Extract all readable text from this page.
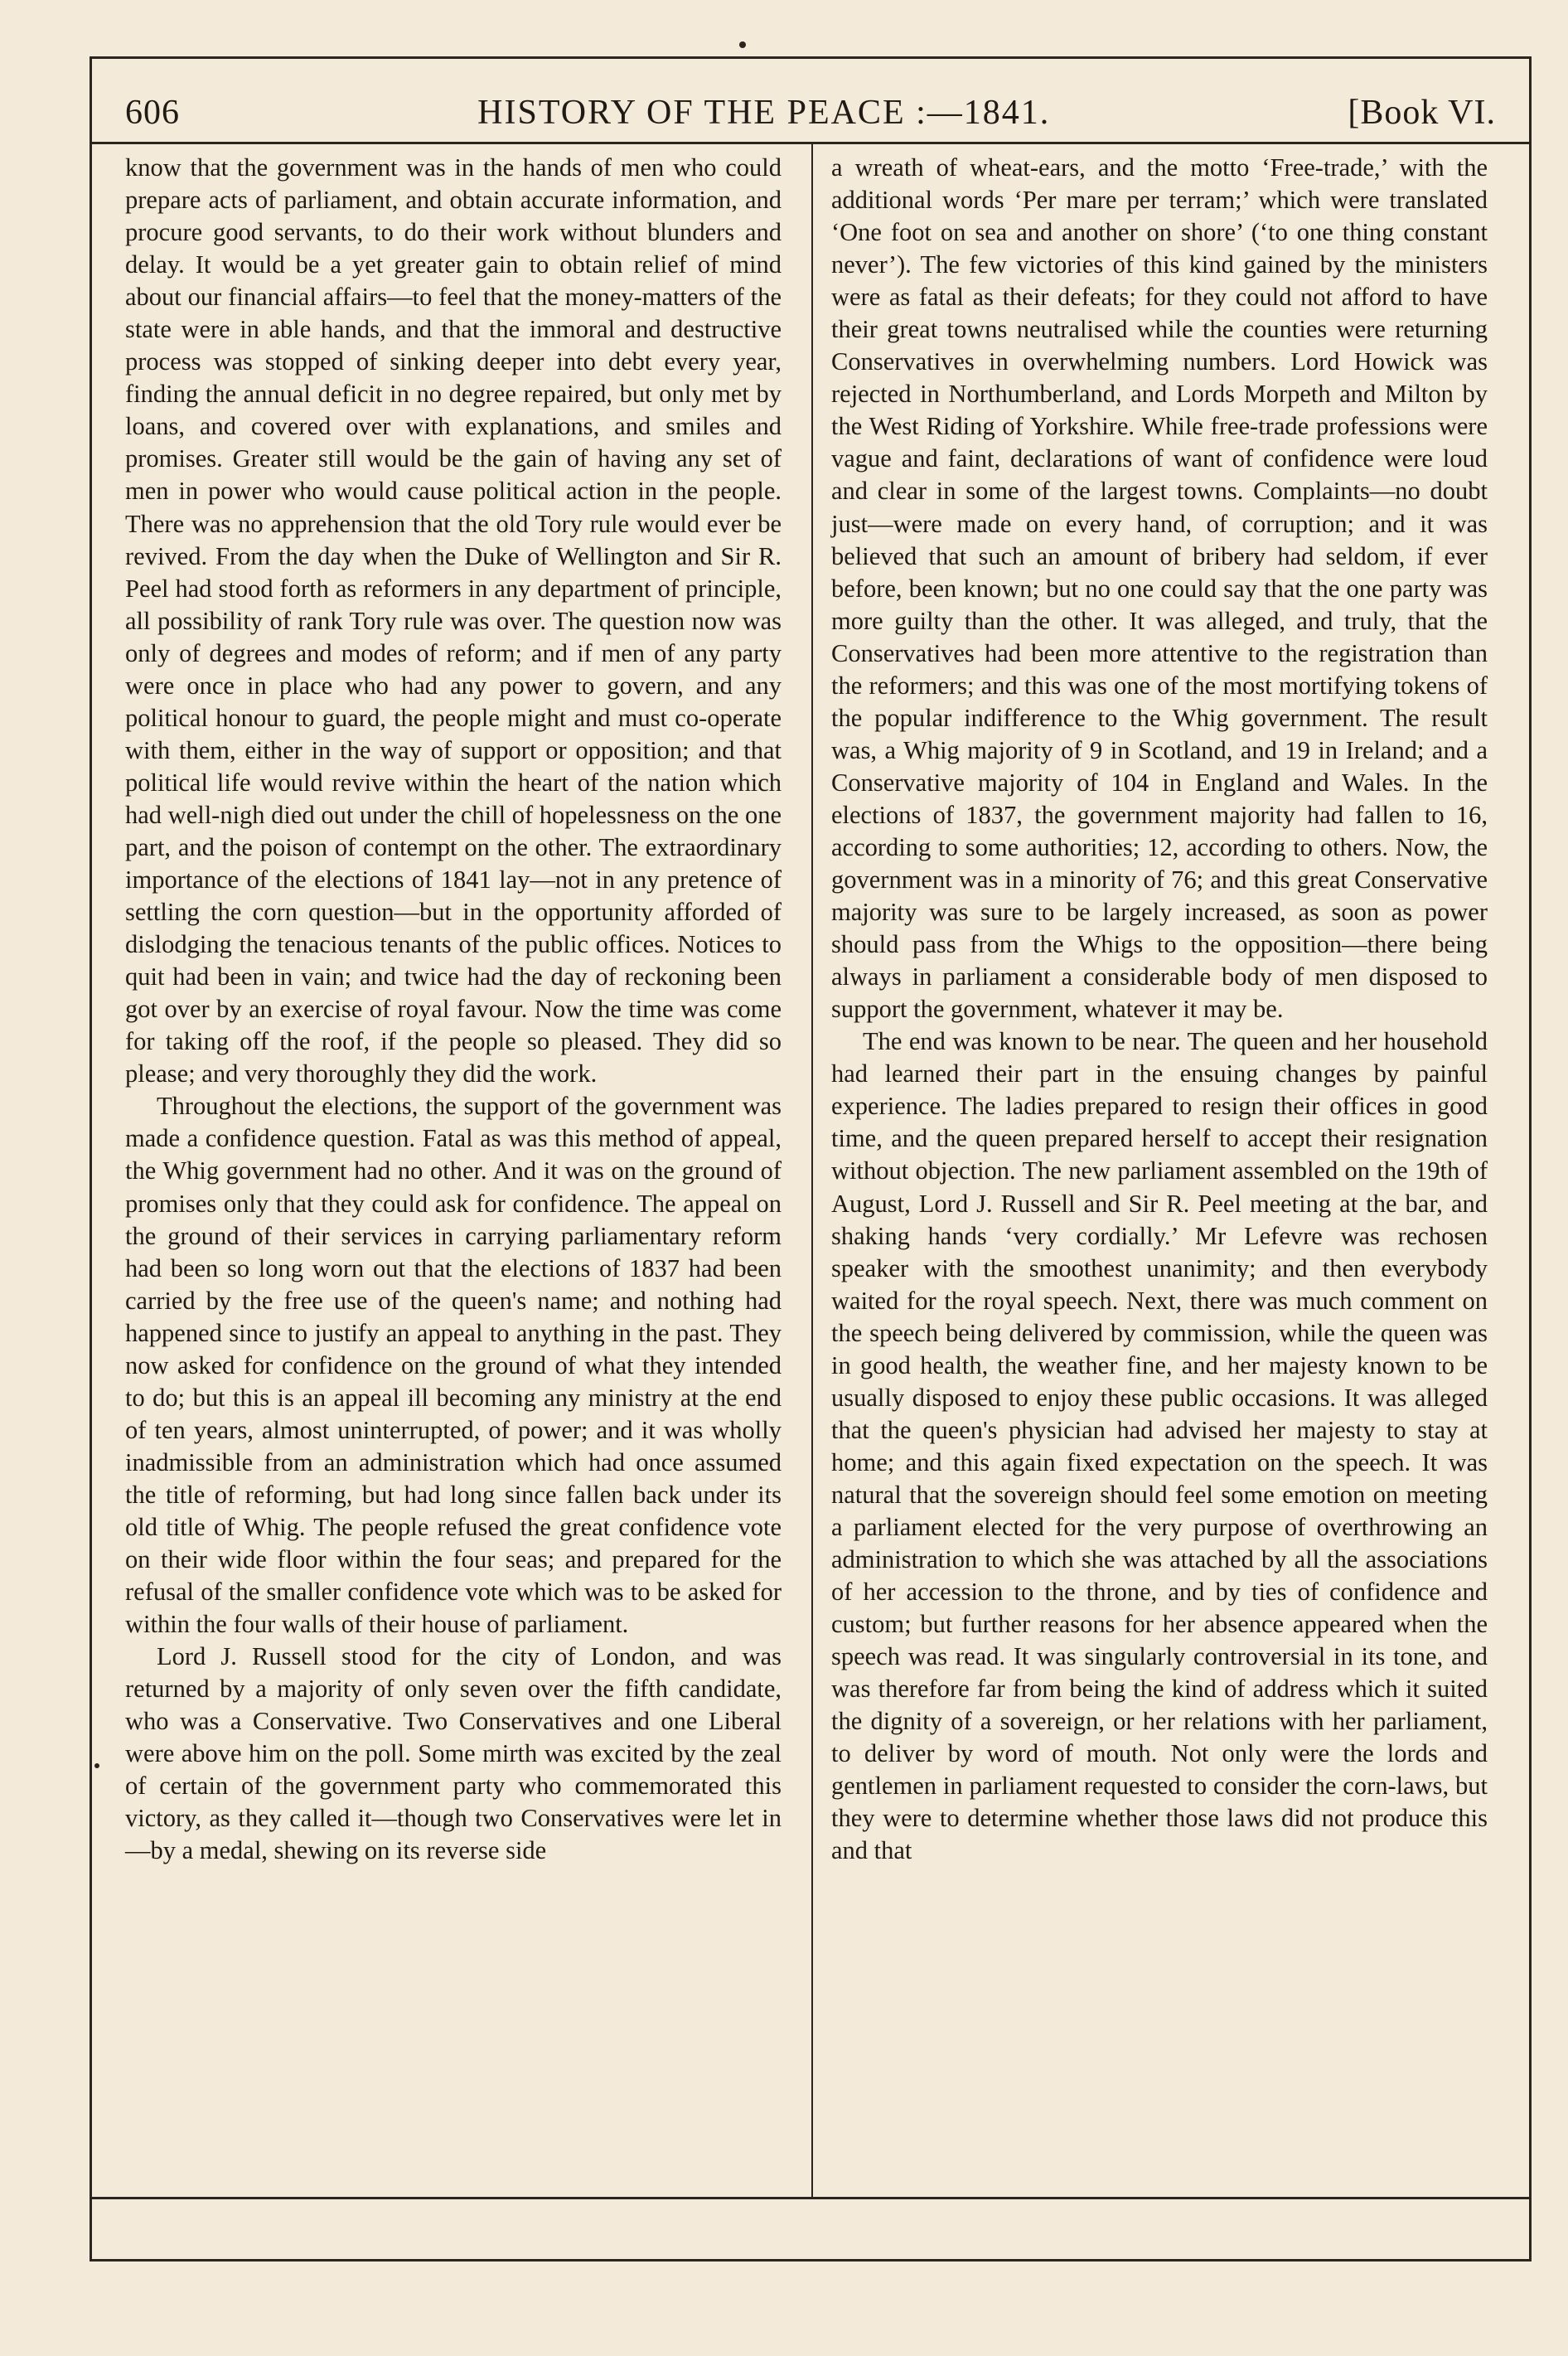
606	HISTORY OF THE PEACE :—1841.	[Book VI.

know that the government was in the hands of men who could prepare acts of parliament, and obtain accurate information, and procure good servants, to do their work without blunders and delay. It would be a yet greater gain to obtain relief of mind about our financial affairs—to feel that the money-matters of the state were in able hands, and that the immoral and destructive process was stopped of sinking deeper into debt every year, finding the annual deficit in no degree repaired, but only met by loans, and covered over with explanations, and smiles and promises. Greater still would be the gain of having any set of men in power who would cause political action in the people. There was no apprehension that the old Tory rule would ever be revived. From the day when the Duke of Wellington and Sir R. Peel had stood forth as reformers in any department of principle, all possibility of rank Tory rule was over. The question now was only of degrees and modes of reform; and if men of any party were once in place who had any power to govern, and any political honour to guard, the people might and must co-operate with them, either in the way of support or opposition; and that political life would revive within the heart of the nation which had well-nigh died out under the chill of hopelessness on the one part, and the poison of contempt on the other. The extraordinary importance of the elections of 1841 lay—not in any pretence of settling the corn question—but in the opportunity afforded of dislodging the tenacious tenants of the public offices. Notices to quit had been in vain; and twice had the day of reckoning been got over by an exercise of royal favour. Now the time was come for taking off the roof, if the people so pleased. They did so please; and very thoroughly they did the work.

Throughout the elections, the support of the government was made a confidence question. Fatal as was this method of appeal, the Whig government had no other. And it was on the ground of promises only that they could ask for confidence. The appeal on the ground of their services in carrying parliamentary reform had been so long worn out that the elections of 1837 had been carried by the free use of the queen's name; and nothing had happened since to justify an appeal to anything in the past. They now asked for confidence on the ground of what they intended to do; but this is an appeal ill becoming any ministry at the end of ten years, almost uninterrupted, of power; and it was wholly inadmissible from an administration which had once assumed the title of reforming, but had long since fallen back under its old title of Whig. The people refused the great confidence vote on their wide floor within the four seas; and prepared for the refusal of the smaller confidence vote which was to be asked for within the four walls of their house of parliament.

Lord J. Russell stood for the city of London, and was returned by a majority of only seven over the fifth candidate, who was a Conservative. Two Conservatives and one Liberal were above him on the poll. Some mirth was excited by the zeal of certain of the government party who commemorated this victory, as they called it—though two Conservatives were let in—by a medal, shewing on its reverse side

a wreath of wheat-ears, and the motto ‘Free-trade,’ with the additional words ‘Per mare per terram;’ which were translated ‘One foot on sea and another on shore’ (‘to one thing constant never’). The few victories of this kind gained by the ministers were as fatal as their defeats; for they could not afford to have their great towns neutralised while the counties were returning Conservatives in overwhelming numbers. Lord Howick was rejected in Northumberland, and Lords Morpeth and Milton by the West Riding of Yorkshire. While free-trade professions were vague and faint, declarations of want of confidence were loud and clear in some of the largest towns. Complaints—no doubt just—were made on every hand, of corruption; and it was believed that such an amount of bribery had seldom, if ever before, been known; but no one could say that the one party was more guilty than the other. It was alleged, and truly, that the Conservatives had been more attentive to the registration than the reformers; and this was one of the most mortifying tokens of the popular indifference to the Whig government. The result was, a Whig majority of 9 in Scotland, and 19 in Ireland; and a Conservative majority of 104 in England and Wales. In the elections of 1837, the government majority had fallen to 16, according to some authorities; 12, according to others. Now, the government was in a minority of 76; and this great Conservative majority was sure to be largely increased, as soon as power should pass from the Whigs to the opposition—there being always in parliament a considerable body of men disposed to support the government, whatever it may be.

The end was known to be near. The queen and her household had learned their part in the ensuing changes by painful experience. The ladies prepared to resign their offices in good time, and the queen prepared herself to accept their resignation without objection. The new parliament assembled on the 19th of August, Lord J. Russell and Sir R. Peel meeting at the bar, and shaking hands ‘very cordially.’ Mr Lefevre was rechosen speaker with the smoothest unanimity; and then everybody waited for the royal speech. Next, there was much comment on the speech being delivered by commission, while the queen was in good health, the weather fine, and her majesty known to be usually disposed to enjoy these public occasions. It was alleged that the queen's physician had advised her majesty to stay at home; and this again fixed expectation on the speech. It was natural that the sovereign should feel some emotion on meeting a parliament elected for the very purpose of overthrowing an administration to which she was attached by all the associations of her accession to the throne, and by ties of confidence and custom; but further reasons for her absence appeared when the speech was read. It was singularly controversial in its tone, and was therefore far from being the kind of address which it suited the dignity of a sovereign, or her relations with her parliament, to deliver by word of mouth. Not only were the lords and gentlemen in parliament requested to consider the corn-laws, but they were to determine whether those laws did not produce this and that
